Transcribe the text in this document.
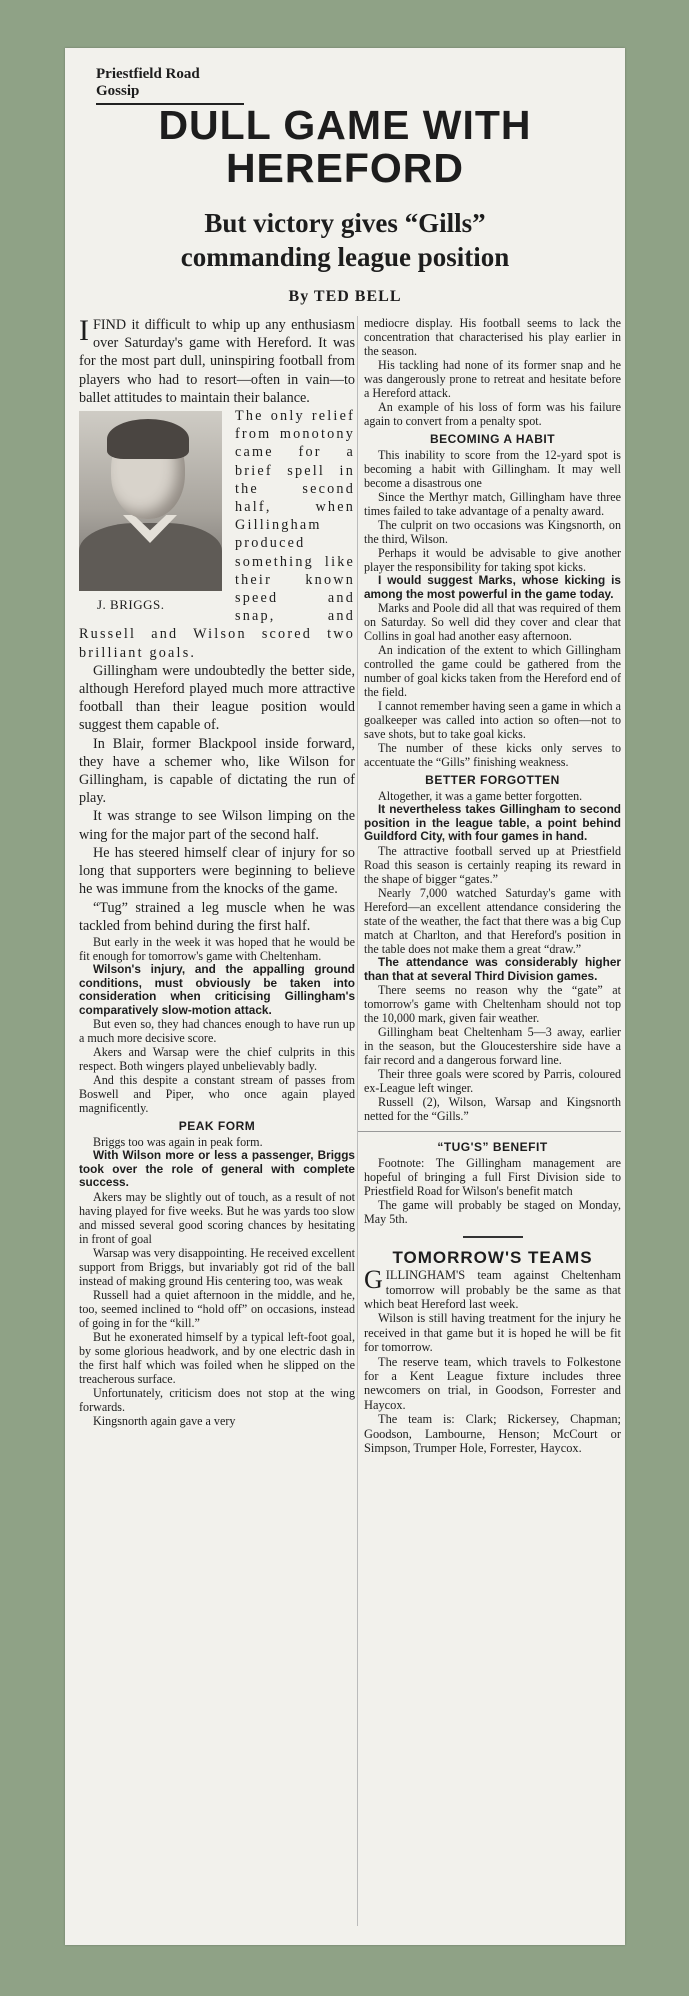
Priestfield Road Gossip
DULL GAME WITH
HEREFORD
But victory gives “Gills”
commanding league position
By TED BELL
I FIND it difficult to whip up any enthusiasm over Saturday's game with Hereford. It was for the most part dull, uninspiring football from players who had to resort—often in vain—to ballet attitudes to maintain their balance.
J. BRIGGS.

The only relief from monotony came for a brief spell in the second half, when Gillingham produced something like their known speed and snap, and Russell and Wilson scored two brilliant goals.

Gillingham were undoubtedly the better side, although Hereford played much more attractive football than their league position would suggest them capable of.

In Blair, former Blackpool inside forward, they have a schemer who, like Wilson for Gillingham, is capable of dictating the run of play.

It was strange to see Wilson limping on the wing for the major part of the second half.

He has steered himself clear of injury for so long that supporters were beginning to believe he was immune from the knocks of the game.

“Tug” strained a leg muscle when he was tackled from behind during the first half.

But early in the week it was hoped that he would be fit enough for tomorrow's game with Cheltenham.

Wilson's injury, and the appalling ground conditions, must obviously be taken into consideration when criticising Gillingham's comparatively slow-motion attack.

But even so, they had chances enough to have run up a much more decisive score.

Akers and Warsap were the chief culprits in this respect. Both wingers played unbelievably badly.

And this despite a constant stream of passes from Boswell and Piper, who once again played magnificently.

PEAK FORM

Briggs too was again in peak form.

With Wilson more or less a passenger, Briggs took over the role of general with complete success.

Akers may be slightly out of touch, as a result of not having played for five weeks. But he was yards too slow and missed several good scoring chances by hesitating in front of goal

Warsap was very disappointing. He received excellent support from Briggs, but invariably got rid of the ball instead of making ground His centering too, was weak

Russell had a quiet afternoon in the middle, and he, too, seemed inclined to “hold off” on occasions, instead of going in for the “kill.”

But he exonerated himself by a typical left-foot goal, by some glorious headwork, and by one electric dash in the first half which was foiled when he slipped on the treacherous surface.

Unfortunately, criticism does not stop at the wing forwards.

Kingsnorth again gave a very

mediocre display. His football seems to lack the concentration that characterised his play earlier in the season.

His tackling had none of its former snap and he was dangerously prone to retreat and hesitate before a Hereford attack.

An example of his loss of form was his failure again to convert from a penalty spot.

BECOMING A HABIT

This inability to score from the 12-yard spot is becoming a habit with Gillingham. It may well become a disastrous one

Since the Merthyr match, Gillingham have three times failed to take advantage of a penalty award.

The culprit on two occasions was Kingsnorth, on the third, Wilson.

Perhaps it would be advisable to give another player the responsibility for taking spot kicks.

I would suggest Marks, whose kicking is among the most powerful in the game today.

Marks and Poole did all that was required of them on Saturday. So well did they cover and clear that Collins in goal had another easy afternoon.

An indication of the extent to which Gillingham controlled the game could be gathered from the number of goal kicks taken from the Hereford end of the field.

I cannot remember having seen a game in which a goalkeeper was called into action so often—not to save shots, but to take goal kicks.

The number of these kicks only serves to accentuate the “Gills” finishing weakness.

BETTER FORGOTTEN

Altogether, it was a game better forgotten.

It nevertheless takes Gillingham to second position in the league table, a point behind Guildford City, with four games in hand.

The attractive football served up at Priestfield Road this season is certainly reaping its reward in the shape of bigger “gates.”

Nearly 7,000 watched Saturday's game with Hereford—an excellent attendance considering the state of the weather, the fact that there was a big Cup match at Charlton, and that Hereford's position in the table does not make them a great “draw.”

The attendance was considerably higher than that at several Third Division games.

There seems no reason why the “gate” at tomorrow's game with Cheltenham should not top the 10,000 mark, given fair weather.

Gillingham beat Cheltenham 5—3 away, earlier in the season, but the Gloucestershire side have a fair record and a dangerous forward line.

Their three goals were scored by Parris, coloured ex-League left winger.

Russell (2), Wilson, Warsap and Kingsnorth netted for the “Gills.”

“TUG'S” BENEFIT

Footnote: The Gillingham management are hopeful of bringing a full First Division side to Priestfield Road for Wilson's benefit match

The game will probably be staged on Monday, May 5th.

TOMORROW'S TEAMS

G ILLINGHAM'S team against Cheltenham tomorrow will probably be the same as that which beat Hereford last week.

Wilson is still having treatment for the injury he received in that game but it is hoped he will be fit for tomorrow.

The reserve team, which travels to Folkestone for a Kent League fixture includes three newcomers on trial, in Goodson, Forrester and Haycox.

The team is: Clark; Rickersey, Chapman; Goodson, Lambourne, Henson; McCourt or Simpson, Trumper Hole, Forrester, Haycox.
